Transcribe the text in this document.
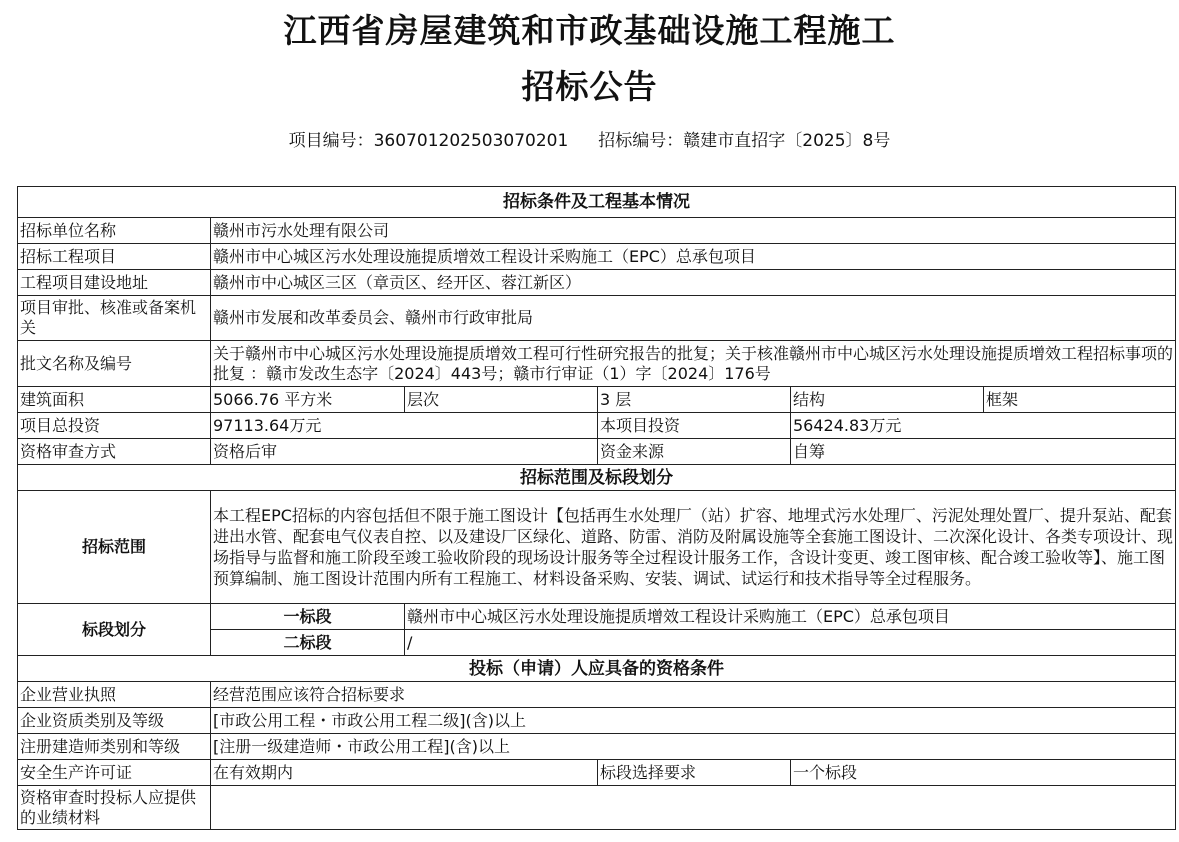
江西省房屋建筑和市政基础设施工程施工
招标公告
项目编号：360701202503070201 招标编号：赣建市直招字〔2025〕8号
招标条件及工程基本情况					
招标单位名称	赣州市污水处理有限公司				
招标工程项目	赣州市中心城区污水处理设施提质增效工程设计采购施工（EPC）总承包项目				
工程项目建设地址	赣州市中心城区三区（章贡区、经开区、蓉江新区）				
项目审批、核准或备案机关	赣州市发展和改革委员会、赣州市行政审批局				
批文名称及编号	关于赣州市中心城区污水处理设施提质增效工程可行性研究报告的批复；关于核准赣州市中心城区污水处理设施提质增效工程招标事项的批复 ：赣市发改生态字〔2024〕443号；赣市行审证（1）字〔2024〕176号				
建筑面积	5066.76 平方米	层次	3 层	结构	框架
项目总投资	97113.64万元		本项目投资	56424.83万元	
资格审查方式	资格后审		资金来源	自筹	
招标范围及标段划分					
招标范围	本工程EPC招标的内容包括但不限于施工图设计【包括再生水处理厂（站）扩容、地埋式污水处理厂、污泥处理处置厂、提升泵站、配套进出水管、配套电气仪表自控、以及建设厂区绿化、道路、防雷、消防及附属设施等全套施工图设计、二次深化设计、各类专项设计、现场指导与监督和施工阶段至竣工验收阶段的现场设计服务等全过程设计服务工作，含设计变更、竣工图审核、配合竣工验收等】、施工图预算编制、施工图设计范围内所有工程施工、材料设备采购、安装、调试、试运行和技术指导等全过程服务。				
标段划分	一标段	赣州市中心城区污水处理设施提质增效工程设计采购施工（EPC）总承包项目			
	二标段	/			
投标（申请）人应具备的资格条件					
企业营业执照	经营范围应该符合招标要求				
企业资质类别及等级	[市政公用工程・市政公用工程二级](含)以上				
注册建造师类别和等级	[注册一级建造师・市政公用工程](含)以上				
安全生产许可证	在有效期内		标段选择要求	一个标段	
资格审查时投标人应提供的业绩材料					
